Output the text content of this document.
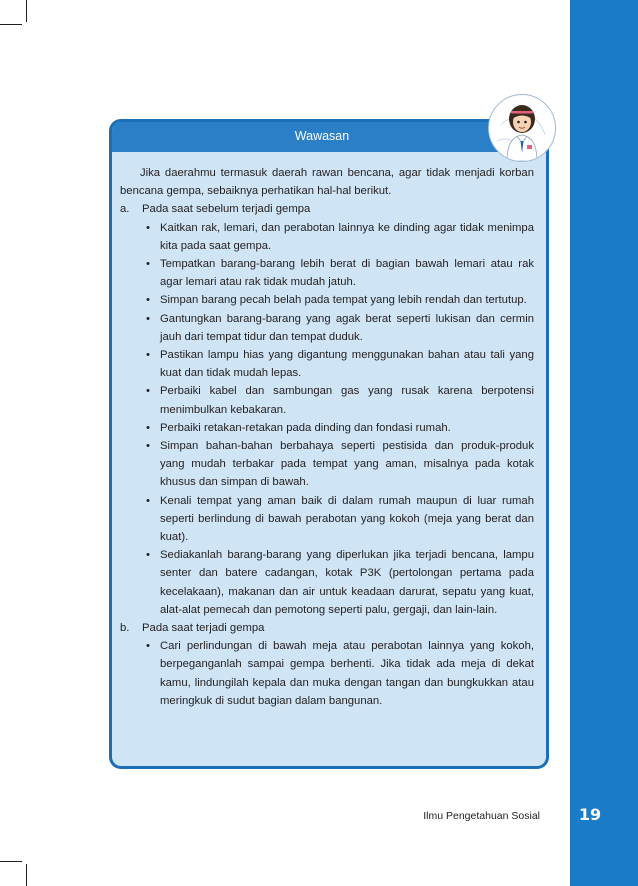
19
Ilmu Pengetahuan Sosial
Wawasan

Jika daerahmu termasuk daerah rawan bencana, agar tidak menjadi korban bencana gempa, sebaiknya perhatikan hal-hal berikut.

a.	Pada saat sebelum terjadi gempa
• Kaitkan rak, lemari, dan perabotan lainnya ke dinding agar tidak menimpa kita pada saat gempa.
• Tempatkan barang-barang lebih berat di bagian bawah lemari atau rak agar lemari atau rak tidak mudah jatuh.
• Simpan barang pecah belah pada tempat yang lebih rendah dan tertutup.
• Gantungkan barang-barang yang agak berat seperti lukisan dan cermin jauh dari tempat tidur dan tempat duduk.
• Pastikan lampu hias yang digantung menggunakan bahan atau tali yang kuat dan tidak mudah lepas.
• Perbaiki kabel dan sambungan gas yang rusak karena berpotensi menimbulkan kebakaran.
• Perbaiki retakan-retakan pada dinding dan fondasi rumah.
• Simpan bahan-bahan berbahaya seperti pestisida dan produk-produk yang mudah terbakar pada tempat yang aman, misalnya pada kotak khusus dan simpan di bawah.
• Kenali tempat yang aman baik di dalam rumah maupun di luar rumah seperti berlindung di bawah perabotan yang kokoh (meja yang berat dan kuat).
• Sediakanlah barang-barang yang diperlukan jika terjadi bencana, lampu senter dan batere cadangan, kotak P3K (pertolongan pertama pada kecelakaan), makanan dan air untuk keadaan darurat, sepatu yang kuat, alat-alat pemecah dan pemotong seperti palu, gergaji, dan lain-lain.
b.	Pada saat terjadi gempa
• Cari perlindungan di bawah meja atau perabotan lainnya yang kokoh, berpeganganlah sampai gempa berhenti. Jika tidak ada meja di dekat kamu, lindungilah kepala dan muka dengan tangan dan bungkukkan atau meringkuk di sudut bagian dalam bangunan.
